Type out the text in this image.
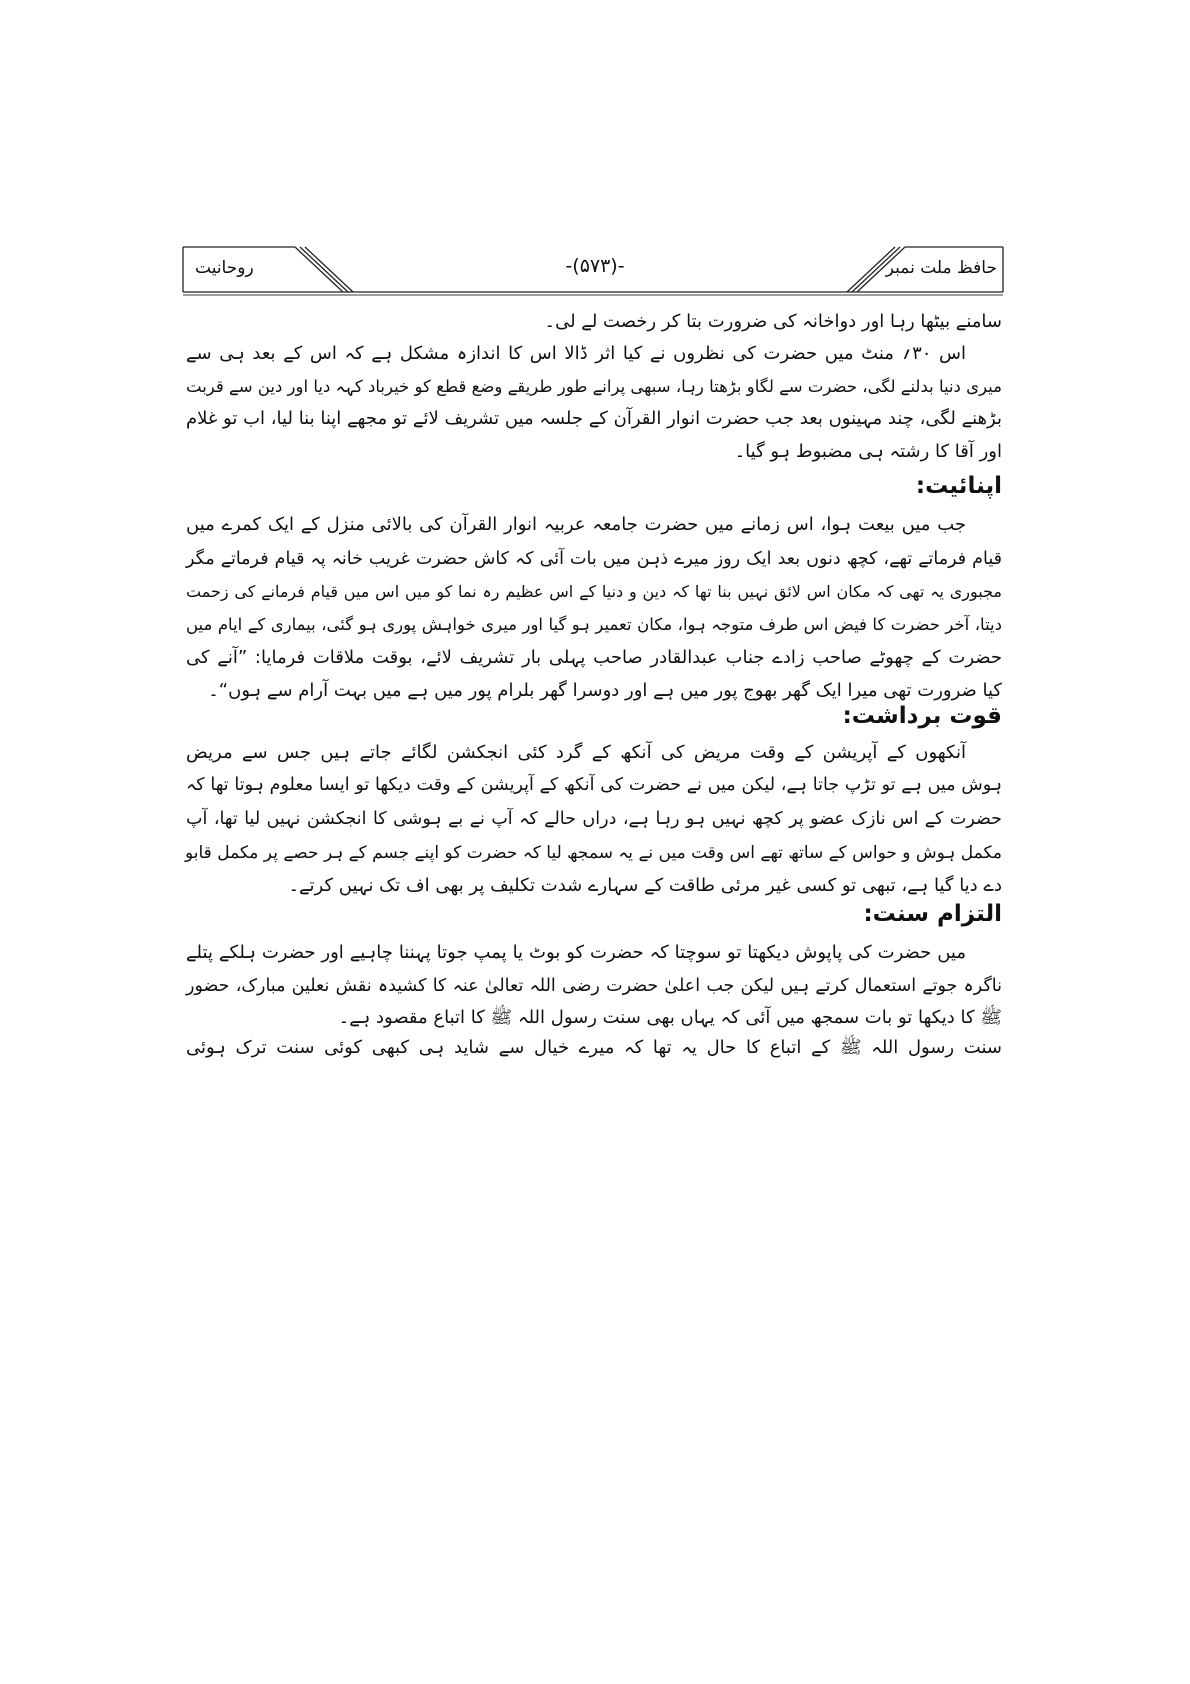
روحانیت	-(۵۷۳)-	حافظ ملت نمبر
سامنے بیٹھا رہا اور دواخانہ کی ضرورت بتا کر رخصت لے لی۔
اس ۳۰؍ منٹ میں حضرت کی نظروں نے کیا اثر ڈالا اس کا اندازہ مشکل ہے کہ اس کے بعد ہی سے
میری دنیا بدلنے لگی، حضرت سے لگاو بڑھتا رہا، سبھی پرانے طور طریقے وضع قطع کو خیرباد کہہ دیا اور دین سے قربت
بڑھنے لگی، چند مہینوں بعد جب حضرت انوار القرآن کے جلسہ میں تشریف لائے تو مجھے اپنا بنا لیا، اب تو غلام
اور آقا کا رشتہ ہی مضبوط ہو گیا۔
اپنائیت:
جب میں بیعت ہوا، اس زمانے میں حضرت جامعہ عربیہ انوار القرآن کی بالائی منزل کے ایک کمرے میں
قیام فرماتے تھے، کچھ دنوں بعد ایک روز میرے ذہن میں بات آئی کہ کاش حضرت غریب خانہ پہ قیام فرماتے مگر
مجبوری یہ تھی کہ مکان اس لائق نہیں بنا تھا کہ دین و دنیا کے اس عظیم رہ نما کو میں اس میں قیام فرمانے کی زحمت
دیتا، آخر حضرت کا فیض اس طرف متوجہ ہوا، مکان تعمیر ہو گیا اور میری خواہش پوری ہو گئی، بیماری کے ایام میں
حضرت کے چھوٹے صاحب زادے جناب عبدالقادر صاحب پہلی بار تشریف لائے، بوقت ملاقات فرمایا: ”آنے کی
کیا ضرورت تھی میرا ایک گھر بھوج پور میں ہے اور دوسرا گھر بلرام پور میں ہے میں بہت آرام سے ہوں“۔
قوت برداشت:
آنکھوں کے آپریشن کے وقت مریض کی آنکھ کے گرد کئی انجکشن لگائے جاتے ہیں جس سے مریض
ہوش میں ہے تو تڑپ جاتا ہے، لیکن میں نے حضرت کی آنکھ کے آپریشن کے وقت دیکھا تو ایسا معلوم ہوتا تھا کہ
حضرت کے اس نازک عضو پر کچھ نہیں ہو رہا ہے، دراں حالے کہ آپ نے بے ہوشی کا انجکشن نہیں لیا تھا، آپ
مکمل ہوش و حواس کے ساتھ تھے اس وقت میں نے یہ سمجھ لیا کہ حضرت کو اپنے جسم کے ہر حصے پر مکمل قابو
دے دیا گیا ہے، تبھی تو کسی غیر مرئی طاقت کے سہارے شدت تکلیف پر بھی اف تک نہیں کرتے۔
التزام سنت:
میں حضرت کی پاپوش دیکھتا تو سوچتا کہ حضرت کو بوٹ یا پمپ جوتا پہننا چاہیے اور حضرت ہلکے پتلے
ناگرہ جوتے استعمال کرتے ہیں لیکن جب اعلیٰ حضرت رضی اللہ تعالیٰ عنہ کا کشیدہ نقش نعلین مبارک، حضور
ﷺ کا دیکھا تو بات سمجھ میں آئی کہ یہاں بھی سنت رسول اللہ ﷺ کا اتباع مقصود ہے۔
سنت رسول اللہ ﷺ کے اتباع کا حال یہ تھا کہ میرے خیال سے شاید ہی کبھی کوئی سنت ترک ہوئی
